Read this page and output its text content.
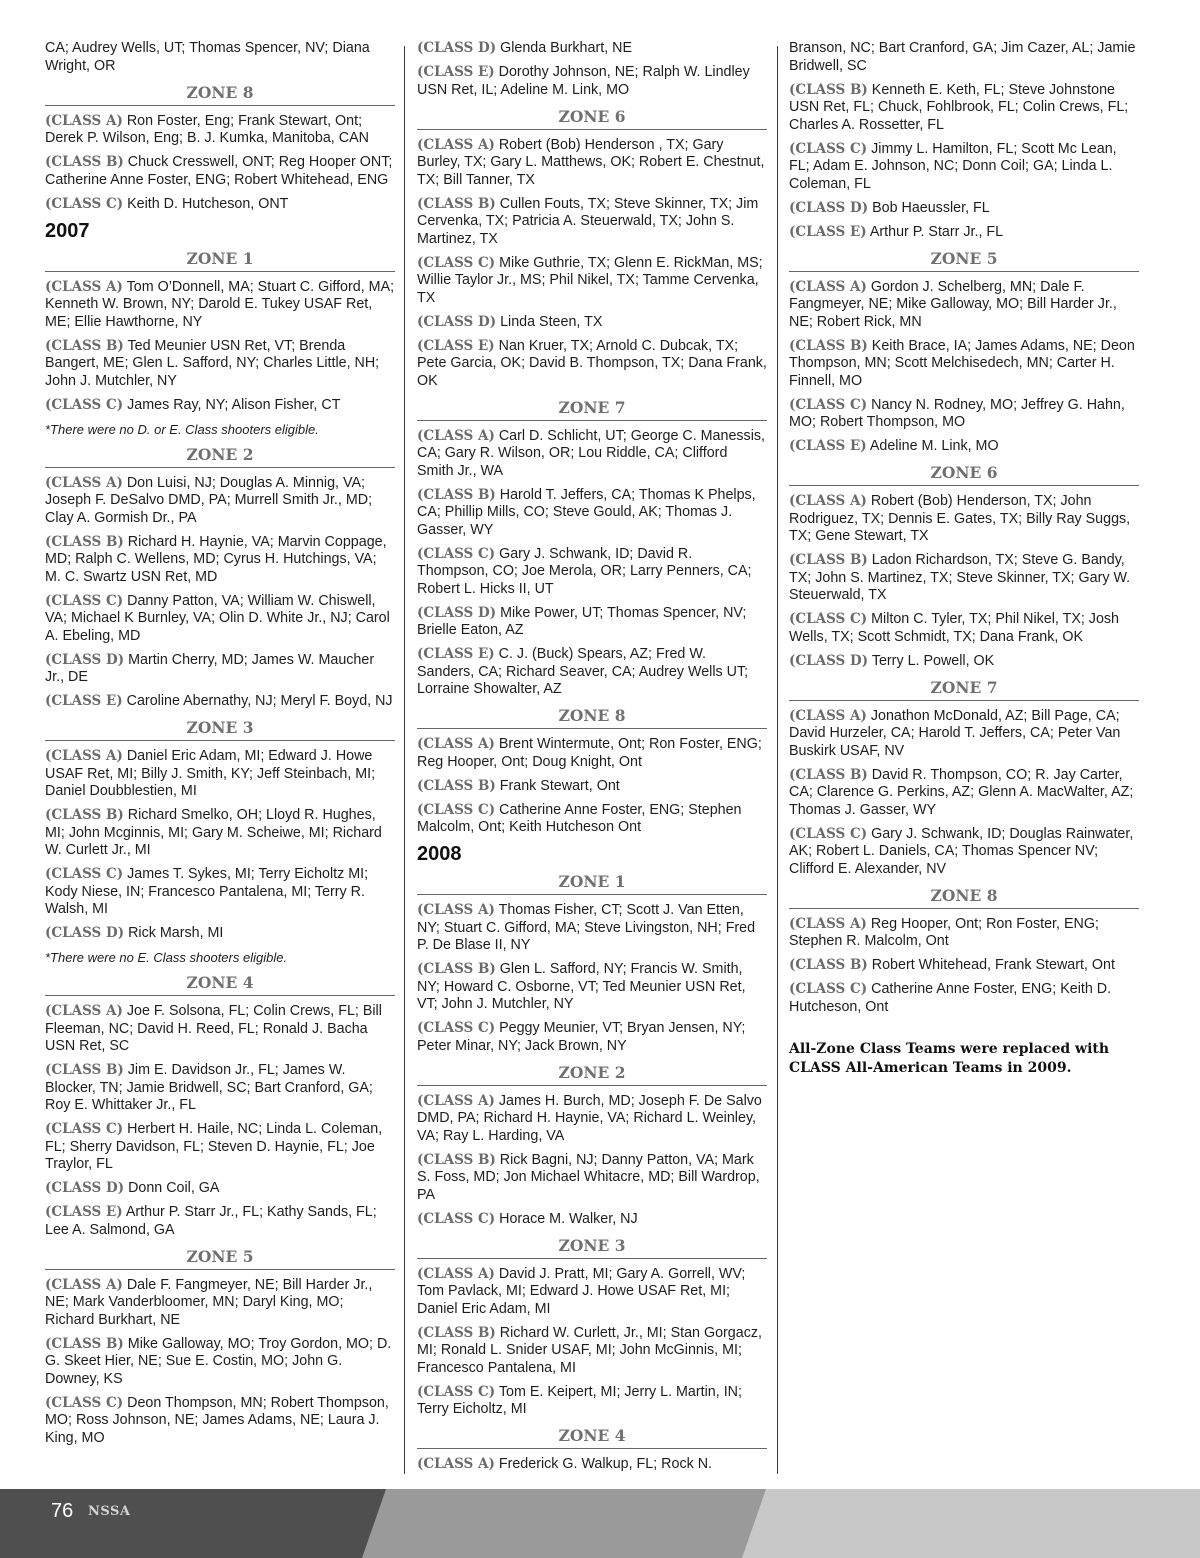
CA; Audrey Wells, UT; Thomas Spencer, NV; Diana Wright, OR
ZONE 8
(CLASS A) Ron Foster, Eng; Frank Stewart, Ont; Derek P. Wilson, Eng; B. J. Kumka, Manitoba, CAN
(CLASS B) Chuck Cresswell, ONT; Reg Hooper ONT; Catherine Anne Foster, ENG; Robert Whitehead, ENG
(CLASS C) Keith D. Hutcheson, ONT
2007
ZONE 1
(CLASS A) Tom O’Donnell, MA; Stuart C. Gifford, MA; Kenneth W. Brown, NY; Darold E. Tukey USAF Ret, ME; Ellie Hawthorne, NY
(CLASS B) Ted Meunier USN Ret, VT; Brenda Bangert, ME; Glen L. Safford, NY; Charles Little, NH; John J. Mutchler, NY
(CLASS C) James Ray, NY; Alison Fisher, CT
*There were no D. or E. Class shooters eligible.
ZONE 2
(CLASS A) Don Luisi, NJ; Douglas A. Minnig, VA; Joseph F. DeSalvo DMD, PA; Murrell Smith Jr., MD; Clay A. Gormish Dr., PA
(CLASS B) Richard H. Haynie, VA; Marvin Coppage, MD; Ralph C. Wellens, MD; Cyrus H. Hutchings, VA; M. C. Swartz USN Ret, MD
(CLASS C) Danny Patton, VA; William W. Chiswell, VA; Michael K Burnley, VA; Olin D. White Jr., NJ; Carol A. Ebeling, MD
(CLASS D) Martin Cherry, MD; James W. Maucher Jr., DE
(CLASS E) Caroline Abernathy, NJ; Meryl F. Boyd, NJ
ZONE 3
(CLASS A) Daniel Eric Adam, MI; Edward J. Howe USAF Ret, MI; Billy J. Smith, KY; Jeff Steinbach, MI; Daniel Doubblestien, MI
(CLASS B) Richard Smelko, OH; Lloyd R. Hughes, MI; John Mcginnis, MI; Gary M. Scheiwe, MI; Richard W. Curlett Jr., MI
(CLASS C) James T. Sykes, MI; Terry Eicholtz MI; Kody Niese, IN; Francesco Pantalena, MI; Terry R. Walsh, MI
(CLASS D) Rick Marsh, MI
*There were no E. Class shooters eligible.
ZONE 4
(CLASS A) Joe F. Solsona, FL; Colin Crews, FL; Bill Fleeman, NC; David H. Reed, FL; Ronald J. Bacha USN Ret, SC
(CLASS B) Jim E. Davidson Jr., FL; James W. Blocker, TN; Jamie Bridwell, SC; Bart Cranford, GA; Roy E. Whittaker Jr., FL
(CLASS C) Herbert H. Haile, NC; Linda L. Coleman, FL; Sherry Davidson, FL; Steven D. Haynie, FL; Joe Traylor, FL
(CLASS D) Donn Coil, GA
(CLASS E) Arthur P. Starr Jr., FL; Kathy Sands, FL; Lee A. Salmond, GA
ZONE 5
(CLASS A) Dale F. Fangmeyer, NE; Bill Harder Jr., NE; Mark Vanderbloomer, MN; Daryl King, MO; Richard Burkhart, NE
(CLASS B) Mike Galloway, MO; Troy Gordon, MO; D. G. Skeet Hier, NE; Sue E. Costin, MO; John G. Downey, KS
(CLASS C) Deon Thompson, MN; Robert Thompson, MO; Ross Johnson, NE; James Adams, NE; Laura J. King, MO
(CLASS D) Glenda Burkhart, NE
(CLASS E) Dorothy Johnson, NE; Ralph W. Lindley USN Ret, IL; Adeline M. Link, MO
ZONE 6
(CLASS A) Robert (Bob) Henderson , TX; Gary Burley, TX; Gary L. Matthews, OK; Robert E. Chestnut, TX; Bill Tanner, TX
(CLASS B) Cullen Fouts, TX; Steve Skinner, TX; Jim Cervenka, TX; Patricia A. Steuerwald, TX; John S. Martinez, TX
(CLASS C) Mike Guthrie, TX; Glenn E. RickMan, MS; Willie Taylor Jr., MS; Phil Nikel, TX; Tamme Cervenka, TX
(CLASS D) Linda Steen, TX
(CLASS E) Nan Kruer, TX; Arnold C. Dubcak, TX; Pete Garcia, OK; David B. Thompson, TX; Dana Frank, OK
ZONE 7
(CLASS A) Carl D. Schlicht, UT; George C. Manessis, CA; Gary R. Wilson, OR; Lou Riddle, CA; Clifford Smith Jr., WA
(CLASS B) Harold T. Jeffers, CA; Thomas K Phelps, CA; Phillip Mills, CO; Steve Gould, AK; Thomas J. Gasser, WY
(CLASS C) Gary J. Schwank, ID; David R. Thompson, CO; Joe Merola, OR; Larry Penners, CA; Robert L. Hicks II, UT
(CLASS D) Mike Power, UT; Thomas Spencer, NV; Brielle Eaton, AZ
(CLASS E) C. J. (Buck) Spears, AZ; Fred W. Sanders, CA; Richard Seaver, CA; Audrey Wells UT; Lorraine Showalter, AZ
ZONE 8
(CLASS A) Brent Wintermute, Ont; Ron Foster, ENG; Reg Hooper, Ont; Doug Knight, Ont
(CLASS B) Frank Stewart, Ont
(CLASS C) Catherine Anne Foster, ENG; Stephen Malcolm, Ont; Keith Hutcheson Ont
2008
ZONE 1
(CLASS A) Thomas Fisher, CT; Scott J. Van Etten, NY; Stuart C. Gifford, MA; Steve Livingston, NH; Fred P. De Blase II, NY
(CLASS B) Glen L. Safford, NY; Francis W. Smith, NY; Howard C. Osborne, VT; Ted Meunier USN Ret, VT; John J. Mutchler, NY
(CLASS C) Peggy Meunier, VT; Bryan Jensen, NY; Peter Minar, NY; Jack Brown, NY
ZONE 2
(CLASS A) James H. Burch, MD; Joseph F. De Salvo DMD, PA; Richard H. Haynie, VA; Richard L. Weinley, VA; Ray L. Harding, VA
(CLASS B) Rick Bagni, NJ; Danny Patton, VA; Mark S. Foss, MD; Jon Michael Whitacre, MD; Bill Wardrop, PA
(CLASS C) Horace M. Walker, NJ
ZONE 3
(CLASS A) David J. Pratt, MI; Gary A. Gorrell, WV; Tom Pavlack, MI; Edward J. Howe USAF Ret, MI; Daniel Eric Adam, MI
(CLASS B) Richard W. Curlett, Jr., MI; Stan Gorgacz, MI; Ronald L. Snider USAF, MI; John McGinnis, MI; Francesco Pantalena, MI
(CLASS C) Tom E. Keipert, MI; Jerry L. Martin, IN; Terry Eicholtz, MI
ZONE 4
(CLASS A) Frederick G. Walkup, FL; Rock N.
Branson, NC; Bart Cranford, GA; Jim Cazer, AL; Jamie Bridwell, SC
(CLASS B) Kenneth E. Keth, FL; Steve Johnstone USN Ret, FL; Chuck, Fohlbrook, FL; Colin Crews, FL; Charles A. Rossetter, FL
(CLASS C) Jimmy L. Hamilton, FL; Scott Mc Lean, FL; Adam E. Johnson, NC; Donn Coil; GA; Linda L. Coleman, FL
(CLASS D) Bob Haeussler, FL
(CLASS E) Arthur P. Starr Jr., FL
ZONE 5
(CLASS A) Gordon J. Schelberg, MN; Dale F. Fangmeyer, NE; Mike Galloway, MO; Bill Harder Jr., NE; Robert Rick, MN
(CLASS B) Keith Brace, IA; James Adams, NE; Deon Thompson, MN; Scott Melchisedech, MN; Carter H. Finnell, MO
(CLASS C) Nancy N. Rodney, MO; Jeffrey G. Hahn, MO; Robert Thompson, MO
(CLASS E) Adeline M. Link, MO
ZONE 6
(CLASS A) Robert (Bob) Henderson, TX; John Rodriguez, TX; Dennis E. Gates, TX; Billy Ray Suggs, TX; Gene Stewart, TX
(CLASS B) Ladon Richardson, TX; Steve G. Bandy, TX; John S. Martinez, TX; Steve Skinner, TX; Gary W. Steuerwald, TX
(CLASS C) Milton C. Tyler, TX; Phil Nikel, TX; Josh Wells, TX; Scott Schmidt, TX; Dana Frank, OK
(CLASS D) Terry L. Powell, OK
ZONE 7
(CLASS A) Jonathon McDonald, AZ; Bill Page, CA; David Hurzeler, CA; Harold T. Jeffers, CA; Peter Van Buskirk USAF, NV
(CLASS B) David R. Thompson, CO; R. Jay Carter, CA; Clarence G. Perkins, AZ; Glenn A. MacWalter, AZ; Thomas J. Gasser, WY
(CLASS C) Gary J. Schwank, ID; Douglas Rainwater, AK; Robert L. Daniels, CA; Thomas Spencer NV; Clifford E. Alexander, NV
ZONE 8
(CLASS A) Reg Hooper, Ont; Ron Foster, ENG; Stephen R. Malcolm, Ont
(CLASS B) Robert Whitehead, Frank Stewart, Ont
(CLASS C) Catherine Anne Foster, ENG; Keith D. Hutcheson, Ont
All-Zone Class Teams were replaced with CLASS All-American Teams in 2009.
76 NSSA
